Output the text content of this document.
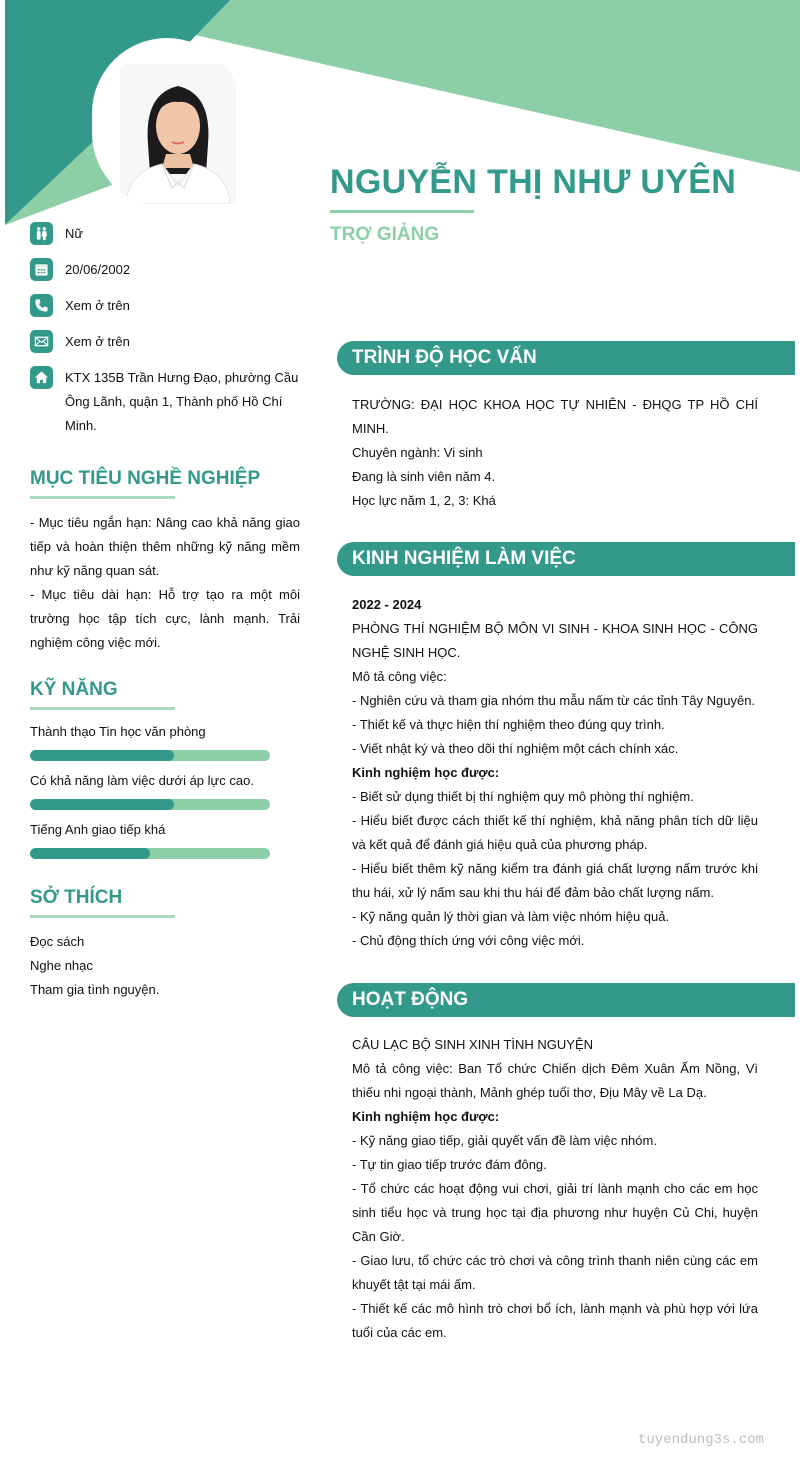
NGUYỄN THỊ NHƯ UYÊN
TRỢ GIẢNG
Nữ
20/06/2002
Xem ở trên
Xem ở trên
KTX 135B Trần Hưng Đạo, phường Cầu Ông Lãnh, quận 1, Thành phố Hồ Chí Minh.
MỤC TIÊU NGHỀ NGHIỆP
- Mục tiêu ngắn hạn: Nâng cao khả năng giao tiếp và hoàn thiện thêm những kỹ năng mềm như kỹ năng quan sát.
- Mục tiêu dài hạn: Hỗ trợ tạo ra một môi trường học tập tích cực, lành mạnh. Trải nghiệm công việc mới.
KỸ NĂNG
Thành thạo Tin học văn phòng
Có khả năng làm việc dưới áp lực cao.
Tiếng Anh giao tiếp khá
SỞ THÍCH
Đọc sách
Nghe nhạc
Tham gia tình nguyện.
TRÌNH ĐỘ HỌC VẤN
TRƯỜNG: ĐẠI HỌC KHOA HỌC TỰ NHIÊN - ĐHQG TP HỒ CHÍ MINH.
Chuyên ngành: Vi sinh
Đang là sinh viên năm 4.
Học lực năm 1, 2, 3: Khá
KINH NGHIỆM LÀM VIỆC
2022 - 2024
PHÒNG THÍ NGHIỆM BỘ MÔN VI SINH - KHOA SINH HỌC - CÔNG NGHỆ SINH HỌC.
Mô tả công việc:
- Nghiên cứu và tham gia nhóm thu mẫu nấm từ các tỉnh Tây Nguyên.
- Thiết kế và thực hiện thí nghiệm theo đúng quy trình.
- Viết nhật ký và theo dõi thí nghiệm một cách chính xác.
Kinh nghiệm học được:
- Biết sử dụng thiết bị thí nghiệm quy mô phòng thí nghiệm.
- Hiểu biết được cách thiết kế thí nghiệm, khả năng phân tích dữ liệu và kết quả để đánh giá hiệu quả của phương pháp.
- Hiểu biết thêm kỹ năng kiểm tra đánh giá chất lượng nấm trước khi thu hái, xử lý nấm sau khi thu hái để đảm bảo chất lượng nấm.
- Kỹ năng quản lý thời gian và làm việc nhóm hiệu quả.
- Chủ động thích ứng với công việc mới.
HOẠT ĐỘNG
CÂU LẠC BỘ SINH XINH TÌNH NGUYỆN
Mô tả công việc: Ban Tổ chức Chiến dịch Đêm Xuân Ấm Nồng, Vì thiếu nhi ngoại thành, Mảnh ghép tuổi thơ, Địu Mây về La Dạ.
Kinh nghiệm học được:
- Kỹ năng giao tiếp, giải quyết vấn đề làm việc nhóm.
- Tự tin giao tiếp trước đám đông.
- Tổ chức các hoạt động vui chơi, giải trí lành mạnh cho các em học sinh tiểu học và trung học tại địa phương như huyện Củ Chi, huyện Cần Giờ.
- Giao lưu, tổ chức các trò chơi và công trình thanh niên cùng các em khuyết tật tại mái ấm.
- Thiết kế các mô hình trò chơi bổ ích, lành mạnh và phù hợp với lứa tuổi của các em.
tuyendung3s.com
